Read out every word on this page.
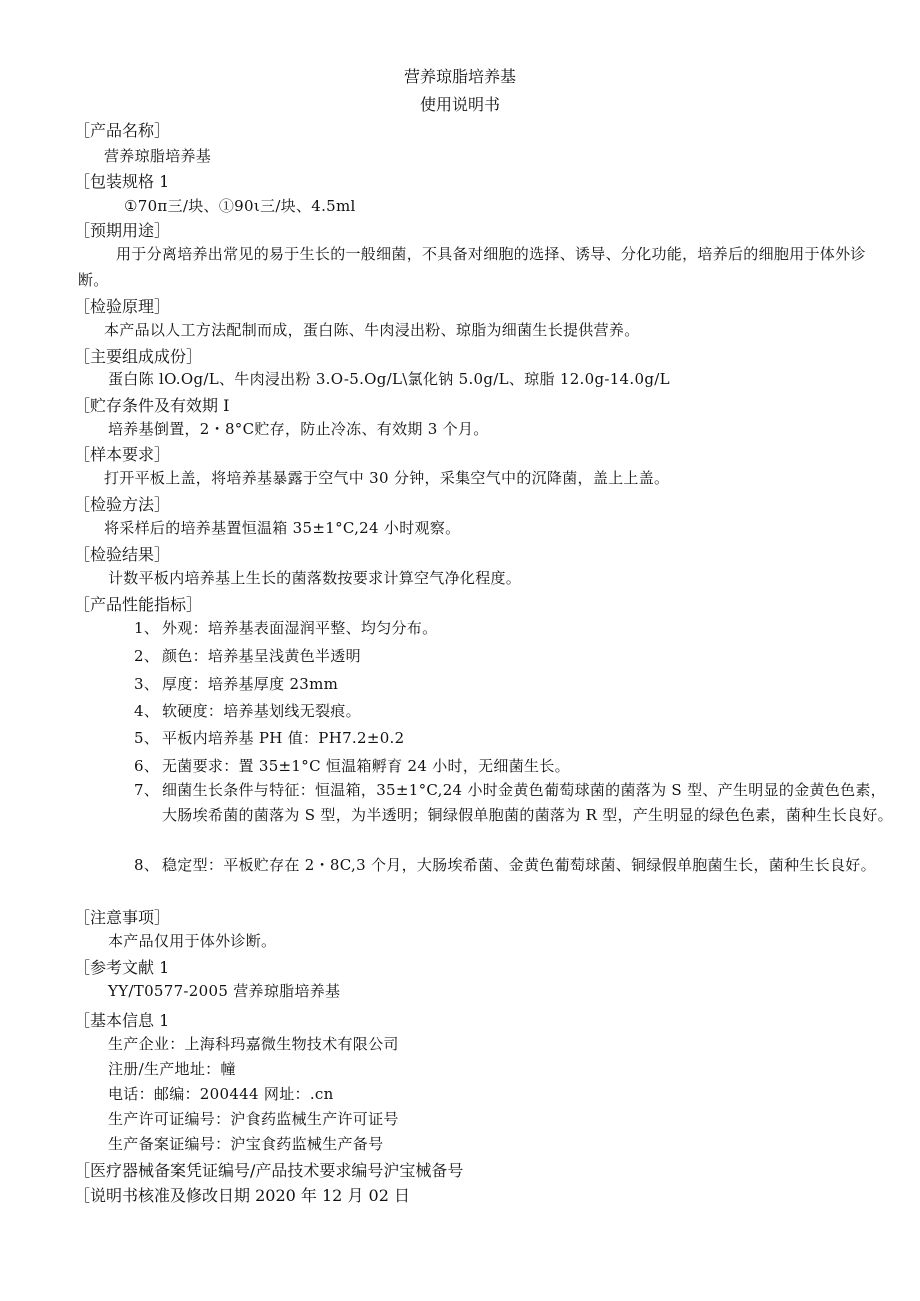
营养琼脂培养基
使用说明书
［产品名称］
营养琼脂培养基
［包装规格 1
①70π三/块、①90ι三/块、4.5ml
［预期用途］
用于分离培养出常见的易于生长的一般细菌，不具备对细胞的选择、诱导、分化功能，培养后的细胞用于体外诊断。
［检验原理］
本产品以人工方法配制而成，蛋白陈、牛肉浸出粉、琼脂为细菌生长提供营养。
［主要组成成份］
蛋白陈 lO.Og/L、牛肉浸出粉 3.O-5.Og/L\氯化钠 5.0g/L、琼脂 12.0g-14.0g/L
［贮存条件及有效期 I
培养基倒置，2・8°C贮存，防止冷冻、有效期 3 个月。
［样本要求］
打开平板上盖，将培养基暴露于空气中 30 分钟，采集空气中的沉降菌，盖上上盖。
［检验方法］
将采样后的培养基置恒温箱 35±1°C,24 小时观察。
［检验结果］
计数平板内培养基上生长的菌落数按要求计算空气净化程度。
［产品性能指标］
1、 外观：培养基表面湿润平整、均匀分布。
2、 颜色：培养基呈浅黄色半透明
3、 厚度：培养基厚度 23mm
4、 软硬度：培养基划线无裂痕。
5、 平板内培养基 PH 值：PH7.2±0.2
6、 无菌要求：置 35±1°C 恒温箱孵育 24 小时，无细菌生长。
7、 细菌生长条件与特征：恒温箱，35±1°C,24 小时金黄色葡萄球菌的菌落为 S 型、产生明显的金黄色色素，大肠埃希菌的菌落为 S 型，为半透明；铜绿假单胞菌的菌落为 R 型，产生明显的绿色色素，菌种生长良好。
8、 稳定型：平板贮存在 2・8C,3 个月，大肠埃希菌、金黄色葡萄球菌、铜绿假单胞菌生长，菌种生长良好。
［注意事项］
本产品仅用于体外诊断。
［参考文献 1
YY/T0577-2005 营养琼脂培养基
［基本信息 1
生产企业：上海科玛嘉微生物技术有限公司
注册/生产地址：幢
电话：邮编：200444 网址：.cn
生产许可证编号：沪食药监械生产许可证号
生产备案证编号：沪宝食药监械生产备号
［医疗器械备案凭证编号/产品技术要求编号沪宝械备号
［说明书核准及修改日期 2020 年 12 月 02 日
